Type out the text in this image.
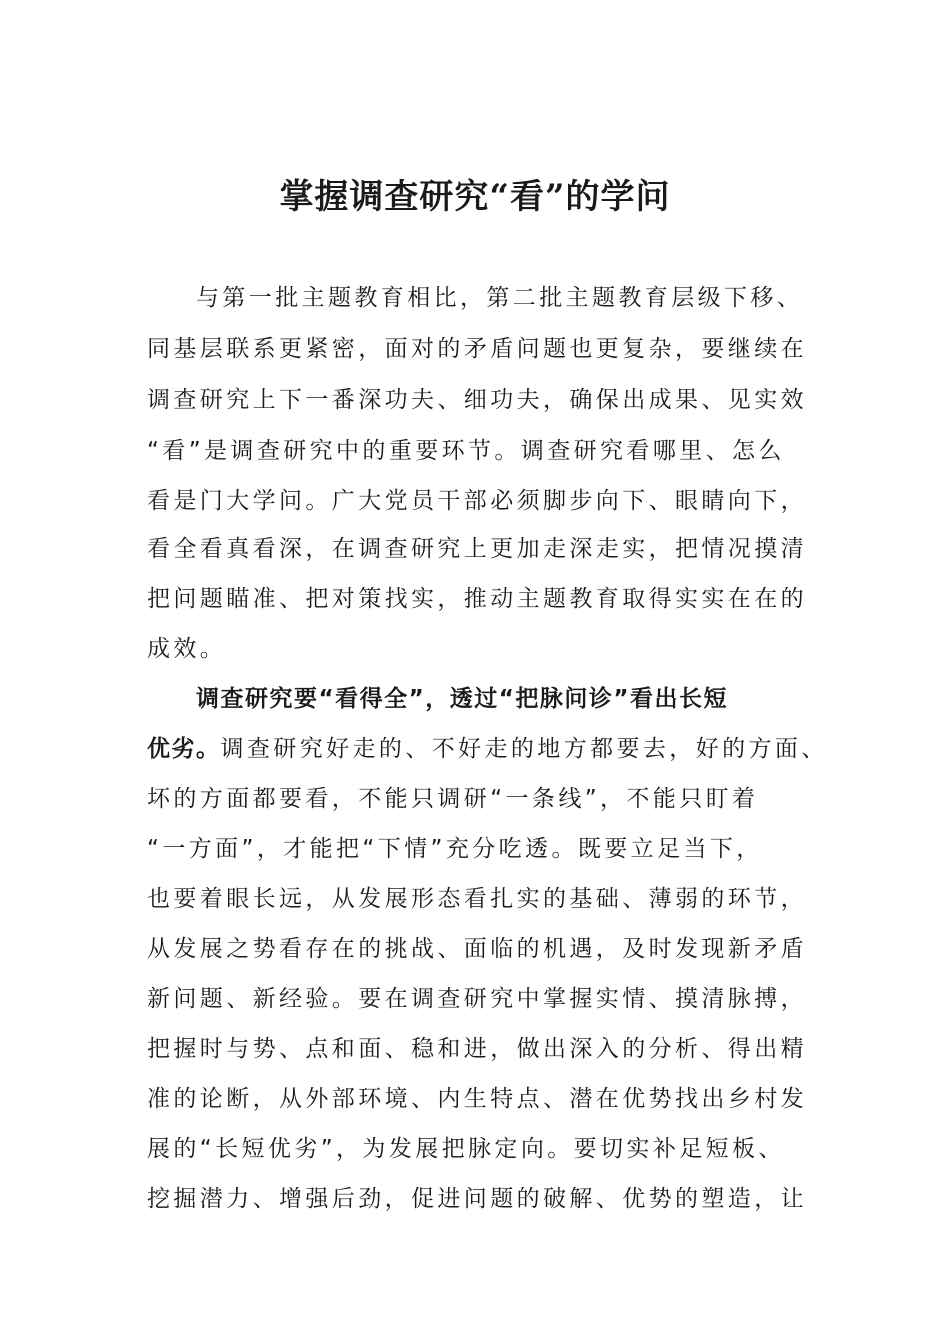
掌握调查研究“看”的学问
与第一批主题教育相比，第二批主题教育层级下移、
同基层联系更紧密，面对的矛盾问题也更复杂，要继续在
调查研究上下一番深功夫、细功夫，确保出成果、见实效
“看”是调查研究中的重要环节。调查研究看哪里、怎么
看是门大学问。广大党员干部必须脚步向下、眼睛向下，
看全看真看深，在调查研究上更加走深走实，把情况摸清
把问题瞄准、把对策找实，推动主题教育取得实实在在的
成效。
调查研究要“看得全”，透过“把脉问诊”看出长短
优劣。调查研究好走的、不好走的地方都要去，好的方面、
坏的方面都要看，不能只调研“一条线”，不能只盯着
“一方面”，才能把“下情”充分吃透。既要立足当下，
也要着眼长远，从发展形态看扎实的基础、薄弱的环节，
从发展之势看存在的挑战、面临的机遇，及时发现新矛盾
新问题、新经验。要在调查研究中掌握实情、摸清脉搏，
把握时与势、点和面、稳和进，做出深入的分析、得出精
准的论断，从外部环境、内生特点、潜在优势找出乡村发
展的“长短优劣”，为发展把脉定向。要切实补足短板、
挖掘潜力、增强后劲，促进问题的破解、优势的塑造，让
